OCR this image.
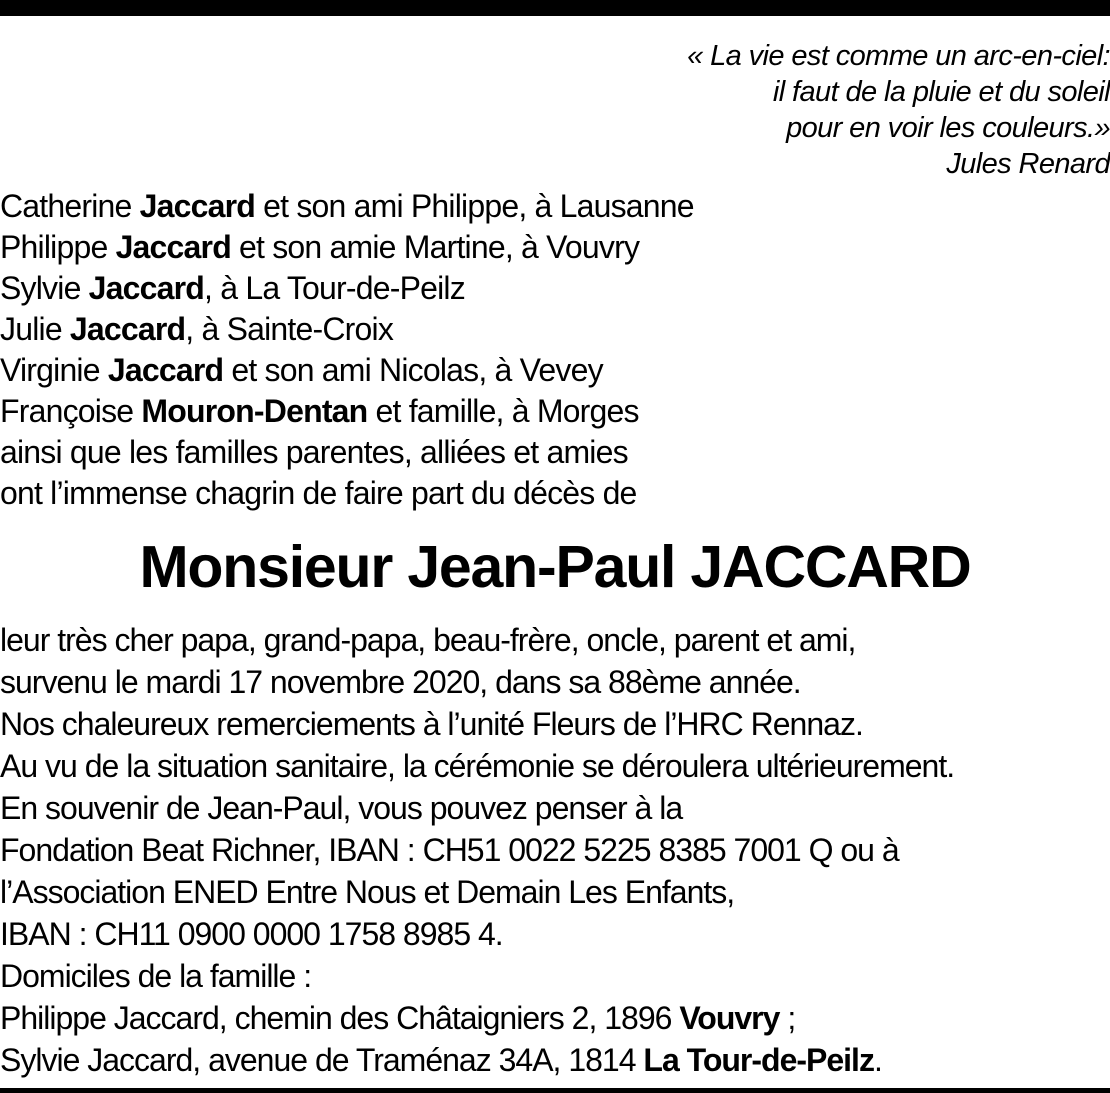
« La vie est comme un arc-en-ciel:
il faut de la pluie et du soleil
pour en voir les couleurs.»
Jules Renard
Catherine Jaccard et son ami Philippe, à Lausanne
Philippe Jaccard et son amie Martine, à Vouvry
Sylvie Jaccard, à La Tour-de-Peilz
Julie Jaccard, à Sainte-Croix
Virginie Jaccard et son ami Nicolas, à Vevey
Françoise Mouron-Dentan et famille, à Morges
ainsi que les familles parentes, alliées et amies
ont l’immense chagrin de faire part du décès de
Monsieur Jean-Paul JACCARD
leur très cher papa, grand-papa, beau-frère, oncle, parent et ami,
survenu le mardi 17 novembre 2020, dans sa 88ème année.
Nos chaleureux remerciements à l’unité Fleurs de l’HRC Rennaz.
Au vu de la situation sanitaire, la cérémonie se déroulera ultérieurement.
En souvenir de Jean-Paul, vous pouvez penser à la
Fondation Beat Richner, IBAN : CH51 0022 5225 8385 7001 Q ou à
l’Association ENED Entre Nous et Demain Les Enfants,
IBAN : CH11 0900 0000 1758 8985 4.
Domiciles de la famille :
Philippe Jaccard, chemin des Châtaigniers 2, 1896 Vouvry ;
Sylvie Jaccard, avenue de Traménaz 34A, 1814 La Tour-de-Peilz.
